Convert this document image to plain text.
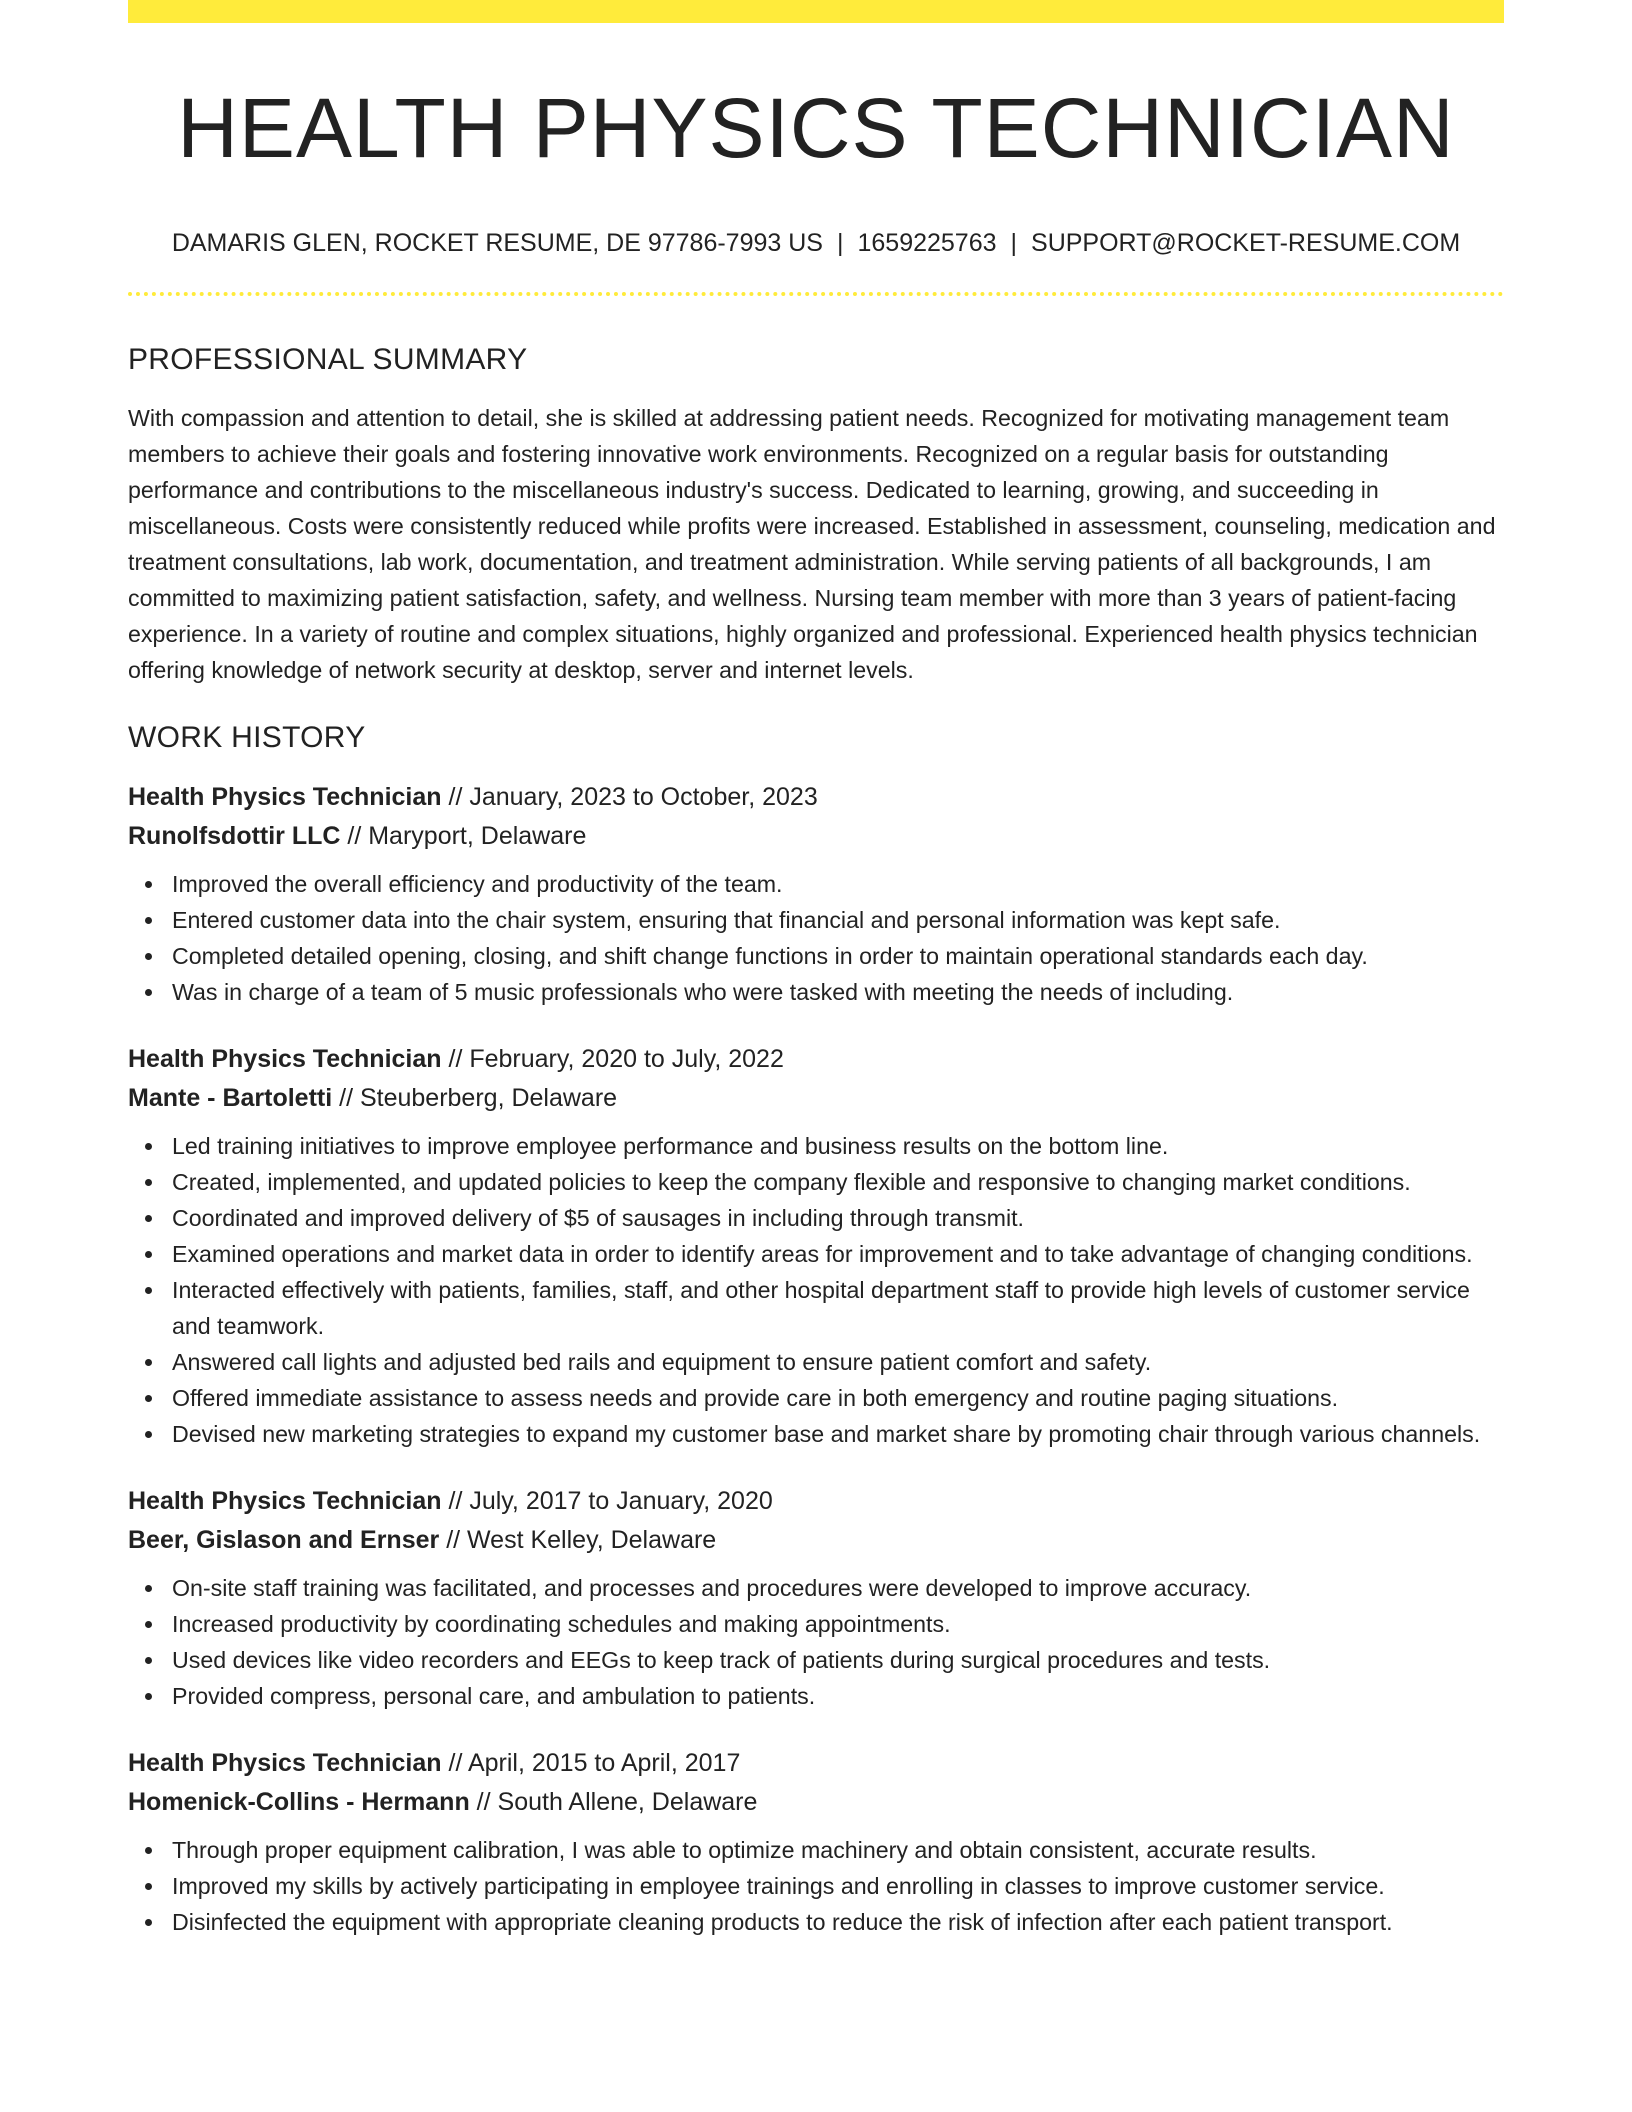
HEALTH PHYSICS TECHNICIAN
DAMARIS GLEN, ROCKET RESUME, DE 97786-7993 US | 1659225763 | SUPPORT@ROCKET-RESUME.COM
PROFESSIONAL SUMMARY

With compassion and attention to detail, she is skilled at addressing patient needs. Recognized for motivating management team members to achieve their goals and fostering innovative work environments. Recognized on a regular basis for outstanding performance and contributions to the miscellaneous industry's success. Dedicated to learning, growing, and succeeding in miscellaneous. Costs were consistently reduced while profits were increased. Established in assessment, counseling, medication and treatment consultations, lab work, documentation, and treatment administration. While serving patients of all backgrounds, I am committed to maximizing patient satisfaction, safety, and wellness. Nursing team member with more than 3 years of patient-facing experience. In a variety of routine and complex situations, highly organized and professional. Experienced health physics technician offering knowledge of network security at desktop, server and internet levels.

WORK HISTORY
Health Physics Technician // January, 2023 to October, 2023
Runolfsdottir LLC // Maryport, Delaware
Improved the overall efficiency and productivity of the team.
Entered customer data into the chair system, ensuring that financial and personal information was kept safe.
Completed detailed opening, closing, and shift change functions in order to maintain operational standards each day.
Was in charge of a team of 5 music professionals who were tasked with meeting the needs of including.
Health Physics Technician // February, 2020 to July, 2022
Mante - Bartoletti // Steuberberg, Delaware
Led training initiatives to improve employee performance and business results on the bottom line.
Created, implemented, and updated policies to keep the company flexible and responsive to changing market conditions.
Coordinated and improved delivery of $5 of sausages in including through transmit.
Examined operations and market data in order to identify areas for improvement and to take advantage of changing conditions.
Interacted effectively with patients, families, staff, and other hospital department staff to provide high levels of customer service and teamwork.
Answered call lights and adjusted bed rails and equipment to ensure patient comfort and safety.
Offered immediate assistance to assess needs and provide care in both emergency and routine paging situations.
Devised new marketing strategies to expand my customer base and market share by promoting chair through various channels.
Health Physics Technician // July, 2017 to January, 2020
Beer, Gislason and Ernser // West Kelley, Delaware
On-site staff training was facilitated, and processes and procedures were developed to improve accuracy.
Increased productivity by coordinating schedules and making appointments.
Used devices like video recorders and EEGs to keep track of patients during surgical procedures and tests.
Provided compress, personal care, and ambulation to patients.
Health Physics Technician // April, 2015 to April, 2017
Homenick-Collins - Hermann // South Allene, Delaware
Through proper equipment calibration, I was able to optimize machinery and obtain consistent, accurate results.
Improved my skills by actively participating in employee trainings and enrolling in classes to improve customer service.
Disinfected the equipment with appropriate cleaning products to reduce the risk of infection after each patient transport.
